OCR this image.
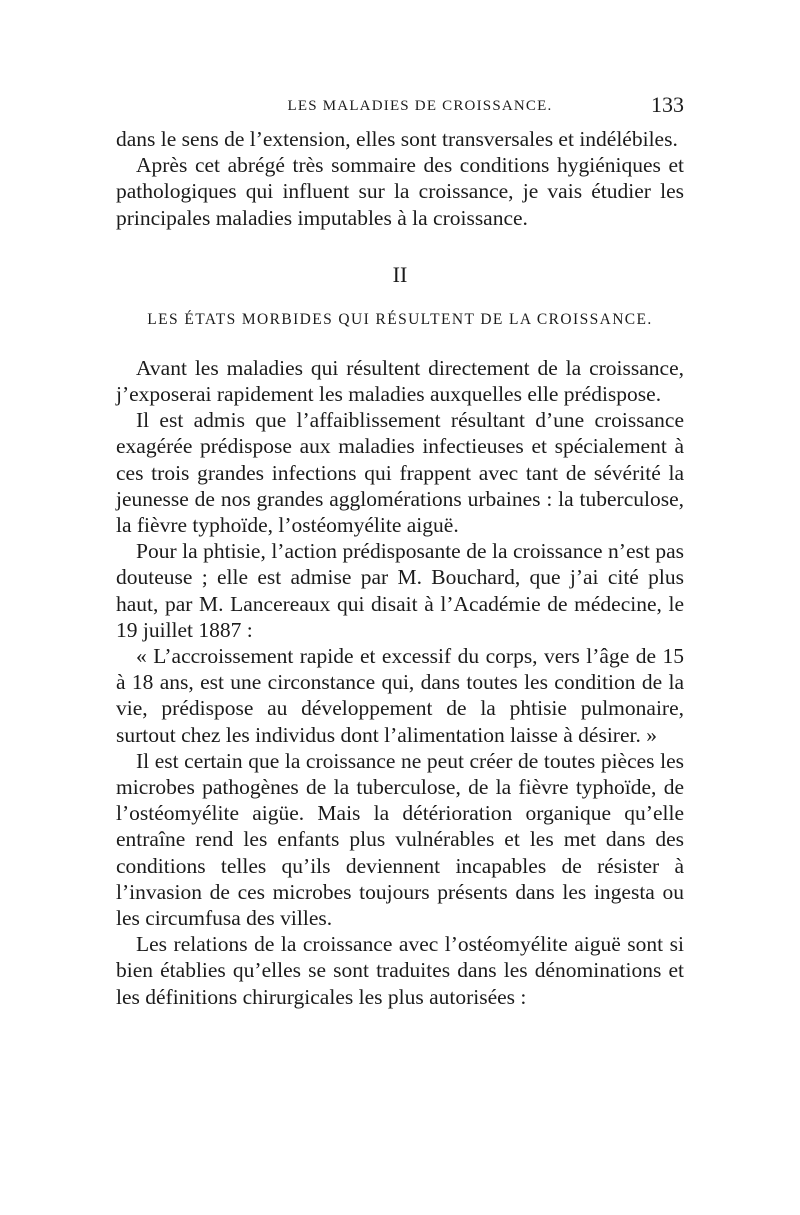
LES MALADIES DE CROISSANCE.	133

dans le sens de l’extension, elles sont transversales et indélébiles.

Après cet abrégé très sommaire des conditions hygiéniques et pathologiques qui influent sur la croissance, je vais étudier les principales maladies imputables à la croissance.

II
LES ÉTATS MORBIDES QUI RÉSULTENT DE LA CROISSANCE.

Avant les maladies qui résultent directement de la croissance, j’exposerai rapidement les maladies auxquelles elle prédispose.

Il est admis que l’affaiblissement résultant d’une croissance exagérée prédispose aux maladies infectieuses et spécialement à ces trois grandes infections qui frappent avec tant de sévérité la jeunesse de nos grandes agglomérations urbaines : la tuberculose, la fièvre typhoïde, l’ostéomyélite aiguë.

Pour la phtisie, l’action prédisposante de la croissance n’est pas douteuse ; elle est admise par M. Bouchard, que j’ai cité plus haut, par M. Lancereaux qui disait à l’Académie de médecine, le 19 juillet 1887 :

« L’accroissement rapide et excessif du corps, vers l’âge de 15 à 18 ans, est une circonstance qui, dans toutes les condition de la vie, prédispose au développement de la phtisie pulmonaire, surtout chez les individus dont l’alimentation laisse à désirer. »

Il est certain que la croissance ne peut créer de toutes pièces les microbes pathogènes de la tuberculose, de la fièvre typhoïde, de l’ostéomyélite aigüe. Mais la détérioration organique qu’elle entraîne rend les enfants plus vulnérables et les met dans des conditions telles qu’ils deviennent incapables de résister à l’invasion de ces microbes toujours présents dans les ingesta ou les circumfusa des villes.

Les relations de la croissance avec l’ostéomyélite aiguë sont si bien établies qu’elles se sont traduites dans les dénominations et les définitions chirurgicales les plus autorisées :
